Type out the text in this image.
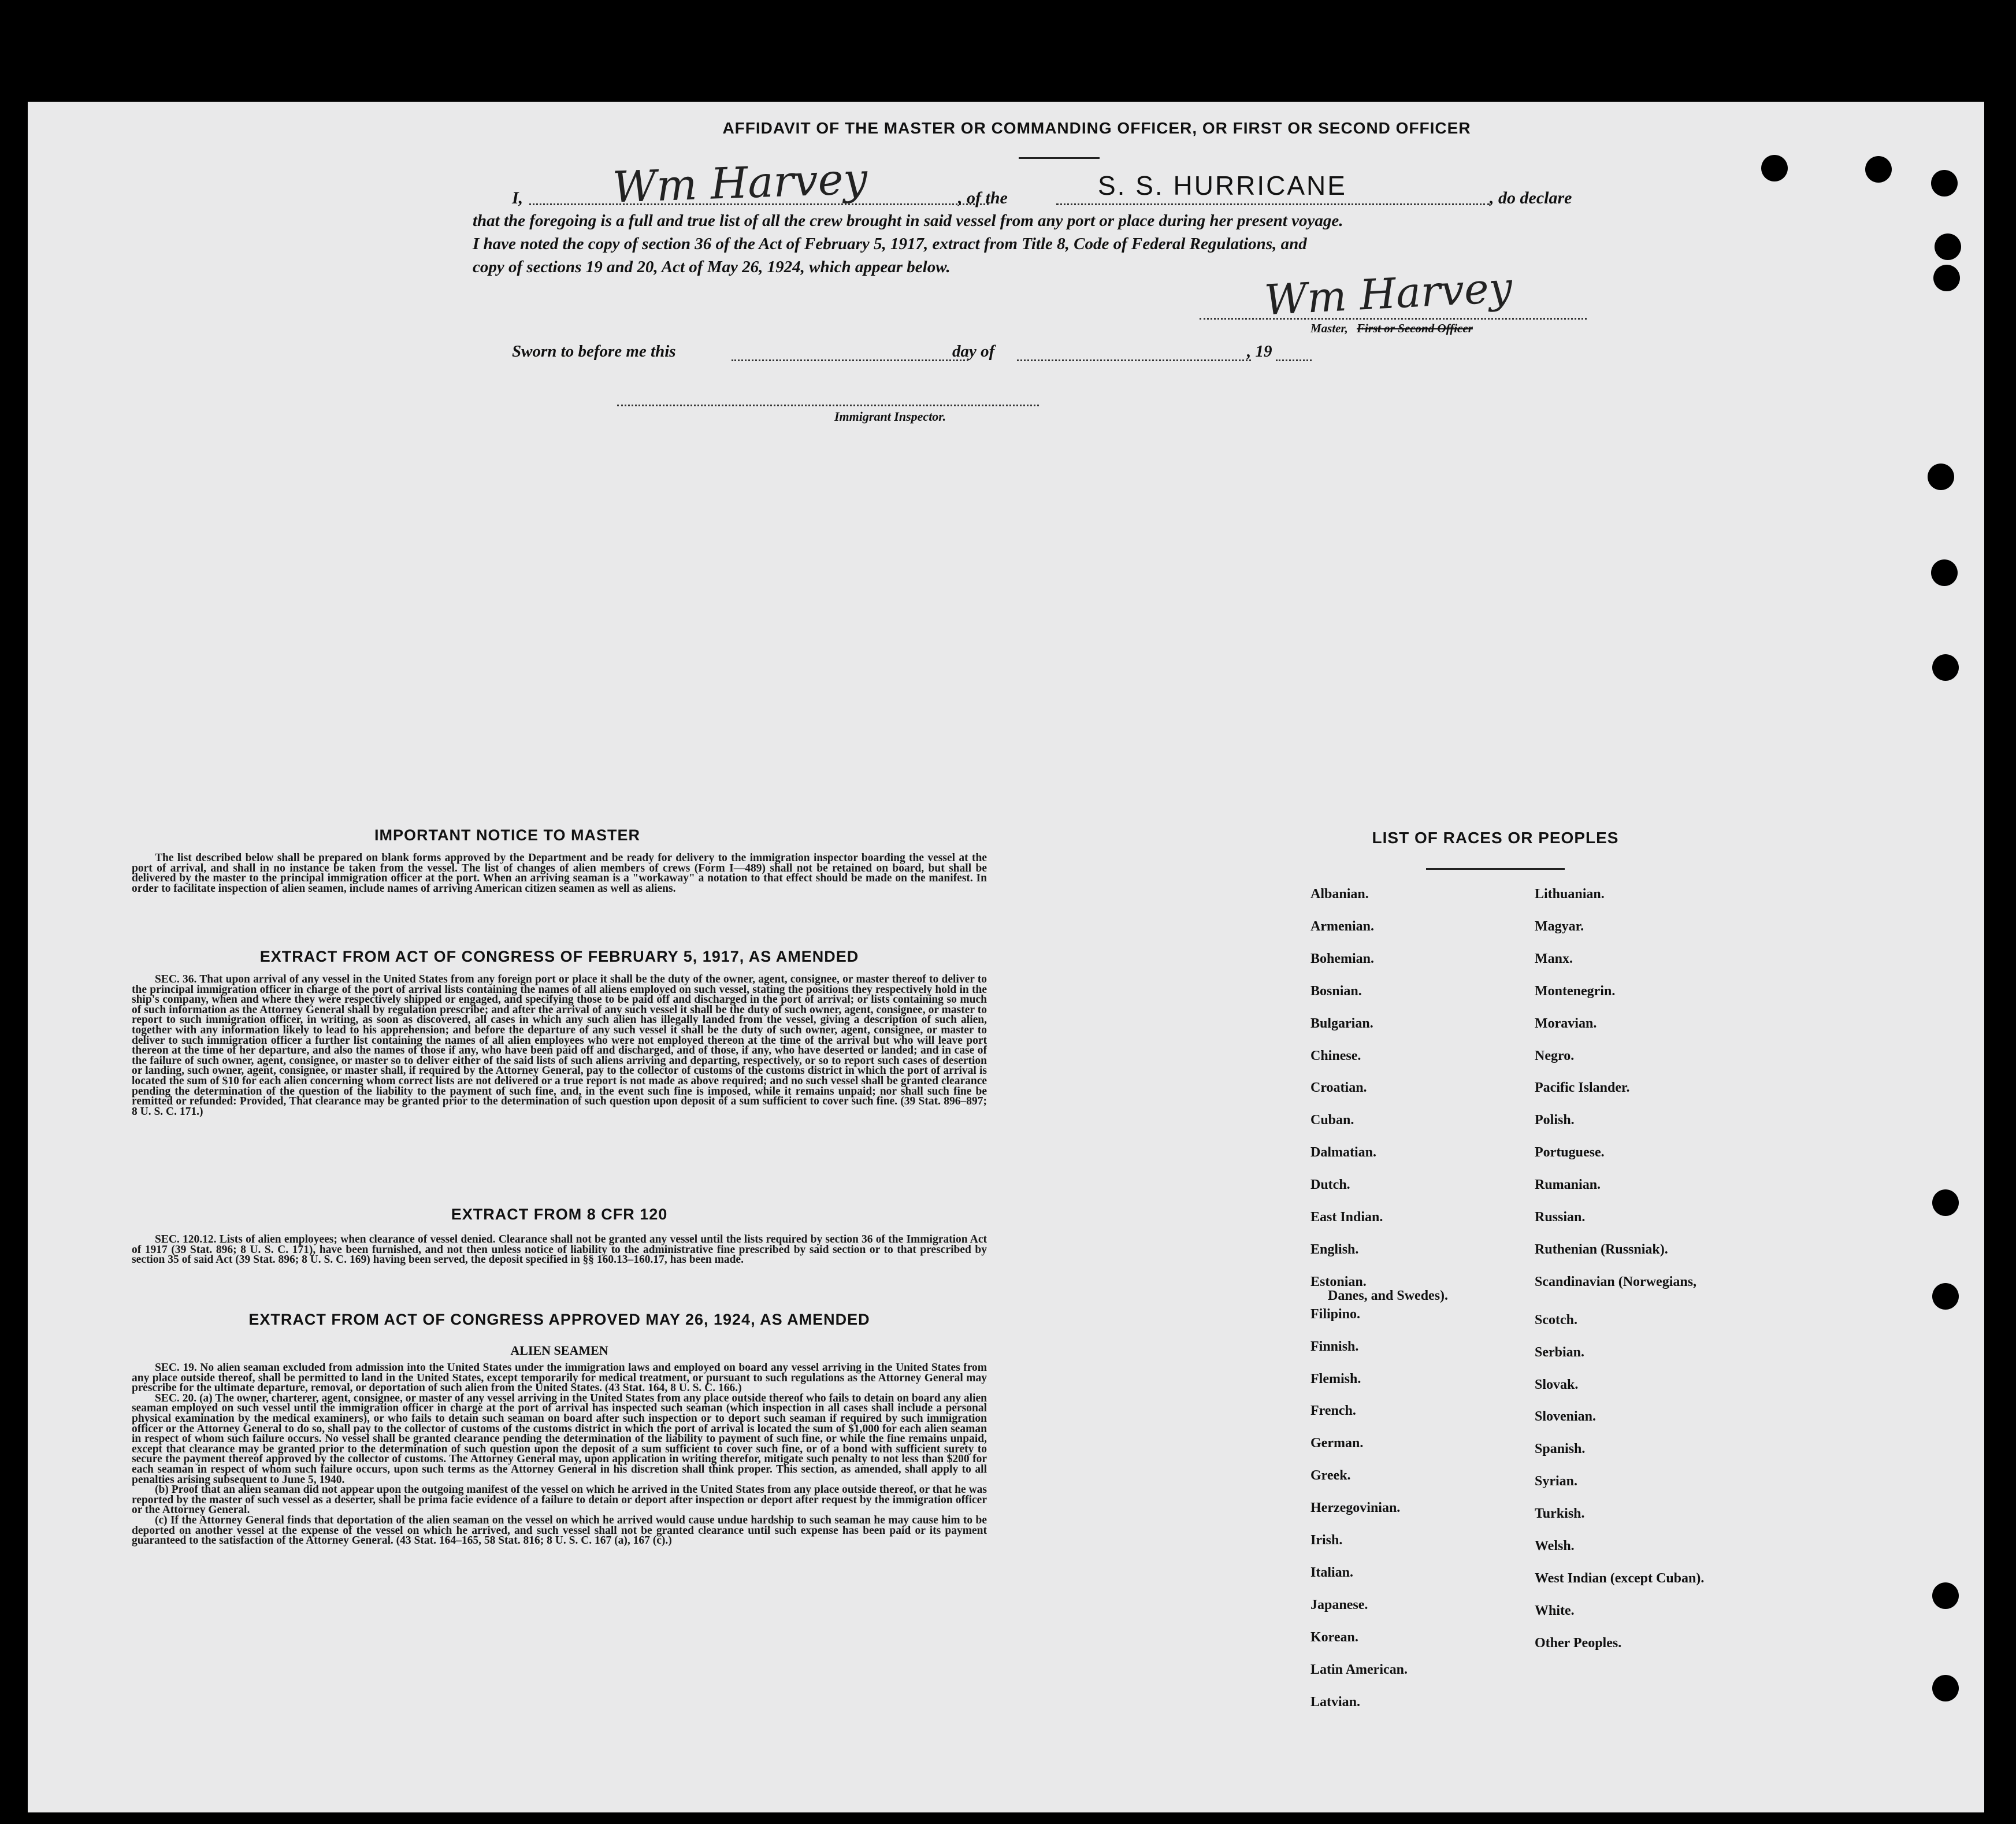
AFFIDAVIT OF THE MASTER OR COMMANDING OFFICER, OR FIRST OR SECOND OFFICER
I, Wm Harvey	, of the	S. S. HURRICANE	, do declare
that the foregoing is a full and true list of all the crew brought in said vessel from any port or place during her present voyage.
I have noted the copy of section 36 of the Act of February 5, 1917, extract from Title 8, Code of Federal Regulations, and
copy of sections 19 and 20, Act of May 26, 1924, which appear below.	Wm Harvey
Master, First or Second Officer
Sworn to before me this	day of	, 19
Immigrant Inspector.
IMPORTANT NOTICE TO MASTER

The list described below shall be prepared on blank forms approved by the Department and be ready for delivery to the immigration inspector boarding the vessel at the port of arrival, and shall in no instance be taken from the vessel. The list of changes of alien members of crews (Form I—489) shall not be retained on board, but shall be delivered by the master to the principal immigration officer at the port. When an arriving seaman is a "workaway" a notation to that effect should be made on the manifest. In order to facilitate inspection of alien seamen, include names of arriving American citizen seamen as well as aliens.

EXTRACT FROM ACT OF CONGRESS OF FEBRUARY 5, 1917, AS AMENDED

SEC. 36. That upon arrival of any vessel in the United States from any foreign port or place it shall be the duty of the owner, agent, consignee, or master thereof to deliver to the principal immigration officer in charge of the port of arrival lists containing the names of all aliens employed on such vessel, stating the positions they respectively hold in the ship's company, when and where they were respectively shipped or engaged, and specifying those to be paid off and discharged in the port of arrival; or lists containing so much of such information as the Attorney General shall by regulation prescribe; and after the arrival of any such vessel it shall be the duty of such owner, agent, consignee, or master to report to such immigration officer, in writing, as soon as discovered, all cases in which any such alien has illegally landed from the vessel, giving a description of such alien, together with any information likely to lead to his apprehension; and before the departure of any such vessel it shall be the duty of such owner, agent, consignee, or master to deliver to such immigration officer a further list containing the names of all alien employees who were not employed thereon at the time of the arrival but who will leave port thereon at the time of her departure, and also the names of those if any, who have been paid off and discharged, and of those, if any, who have deserted or landed; and in case of the failure of such owner, agent, consignee, or master so to deliver either of the said lists of such aliens arriving and departing, respectively, or so to report such cases of desertion or landing, such owner, agent, consignee, or master shall, if required by the Attorney General, pay to the collector of customs of the customs district in which the port of arrival is located the sum of $10 for each alien concerning whom correct lists are not delivered or a true report is not made as above required; and no such vessel shall be granted clearance pending the determination of the question of the liability to the payment of such fine, and, in the event such fine is imposed, while it remains unpaid; nor shall such fine be remitted or refunded: Provided, That clearance may be granted prior to the determination of such question upon deposit of a sum sufficient to cover such fine. (39 Stat. 896–897; 8 U. S. C. 171.)

EXTRACT FROM 8 CFR 120

SEC. 120.12. Lists of alien employees; when clearance of vessel denied. Clearance shall not be granted any vessel until the lists required by section 36 of the Immigration Act of 1917 (39 Stat. 896; 8 U. S. C. 171), have been furnished, and not then unless notice of liability to the administrative fine prescribed by said section or to that prescribed by section 35 of said Act (39 Stat. 896; 8 U. S. C. 169) having been served, the deposit specified in §§ 160.13–160.17, has been made.

EXTRACT FROM ACT OF CONGRESS APPROVED MAY 26, 1924, AS AMENDED
ALIEN SEAMEN

SEC. 19. No alien seaman excluded from admission into the United States under the immigration laws and employed on board any vessel arriving in the United States from any place outside thereof, shall be permitted to land in the United States, except temporarily for medical treatment, or pursuant to such regulations as the Attorney General may prescribe for the ultimate departure, removal, or deportation of such alien from the United States. (43 Stat. 164, 8 U. S. C. 166.)

SEC. 20. (a) The owner, charterer, agent, consignee, or master of any vessel arriving in the United States from any place outside thereof who fails to detain on board any alien seaman employed on such vessel until the immigration officer in charge at the port of arrival has inspected such seaman (which inspection in all cases shall include a personal physical examination by the medical examiners), or who fails to detain such seaman on board after such inspection or to deport such seaman if required by such immigration officer or the Attorney General to do so, shall pay to the collector of customs of the customs district in which the port of arrival is located the sum of $1,000 for each alien seaman in respect of whom such failure occurs. No vessel shall be granted clearance pending the determination of the liability to payment of such fine, or while the fine remains unpaid, except that clearance may be granted prior to the determination of such question upon the deposit of a sum sufficient to cover such fine, or of a bond with sufficient surety to secure the payment thereof approved by the collector of customs. The Attorney General may, upon application in writing therefor, mitigate such penalty to not less than $200 for each seaman in respect of whom such failure occurs, upon such terms as the Attorney General in his discretion shall think proper. This section, as amended, shall apply to all penalties arising subsequent to June 5, 1940.

(b) Proof that an alien seaman did not appear upon the outgoing manifest of the vessel on which he arrived in the United States from any place outside thereof, or that he was reported by the master of such vessel as a deserter, shall be prima facie evidence of a failure to detain or deport after inspection or deport after request by the immigration officer or the Attorney General.

(c) If the Attorney General finds that deportation of the alien seaman on the vessel on which he arrived would cause undue hardship to such seaman he may cause him to be deported on another vessel at the expense of the vessel on which he arrived, and such vessel shall not be granted clearance until such expense has been paid or its payment guaranteed to the satisfaction of the Attorney General. (43 Stat. 164–165, 58 Stat. 816; 8 U. S. C. 167 (a), 167 (c).)

LIST OF RACES OR PEOPLES
Albanian.
Armenian.
Bohemian.
Bosnian.
Bulgarian.
Chinese.
Croatian.
Cuban.
Dalmatian.
Dutch.
East Indian.
English.
Estonian.
Filipino.
Finnish.
Flemish.
French.
German.
Greek.
Herzegovinian.
Irish.
Italian.
Japanese.
Korean.
Latin American.
Latvian.
Lithuanian.
Magyar.
Manx.
Montenegrin.
Moravian.
Negro.
Pacific Islander.
Polish.
Portuguese.
Rumanian.
Russian.
Ruthenian (Russniak).
Scandinavian (Norwegians,
Danes, and Swedes).
Scotch.
Serbian.
Slovak.
Slovenian.
Spanish.
Syrian.
Turkish.
Welsh.
West Indian (except Cuban).
White.
Other Peoples.
